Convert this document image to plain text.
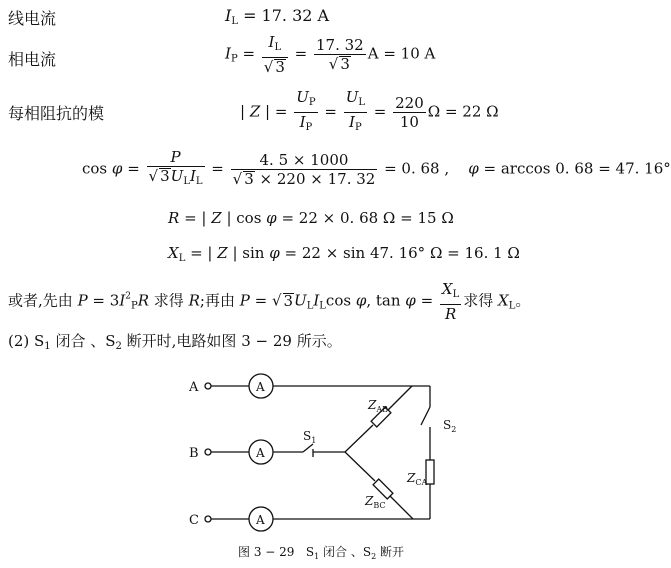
线电流	$I_L = 17$. 32 A
相电流	$I_P = \frac{I_L}{√ 3} = \frac{17. 32}{√ 3}$ A = 10 A
每相阻抗的模	| Z | = $\frac{U_P}{I_P} = \frac{U_L}{I_P} = \frac{220}{10}$ Ω = 22 Ω
$\cos \varphi = \frac{P}{√ 3U_LI_L} = \frac{4. 5 \times 1000}{√ 3 \times 220 \times 17. 32} = 0$. 68 , φ = arccos 0. 68 = 47. 16°
R = | Z | cos φ = 22 × 0. 68 Ω = 15 Ω
$X_L$ = | Z | sin φ = 22 × sin 47. 16° Ω = 16. 1 Ω
或者,先由 $P = 3I^2_PR$ 求得 R;再由 P = √ $3U_LI_L\cos$ φ, $\tan \varphi = \frac{X_L}{R}$ 求得 $X_L$。
(2) $S_1$ 闭合 、$S_2$ 断开时,电路如图 3 − 29 所示。
A
B
C
A
A
A
$S_1$
$S_2$
$Z_{AB}$
$Z_{BC}$
$Z_{CA}$
图 3 − 29 $S_1$ 闭合 、$S_2$ 断开
